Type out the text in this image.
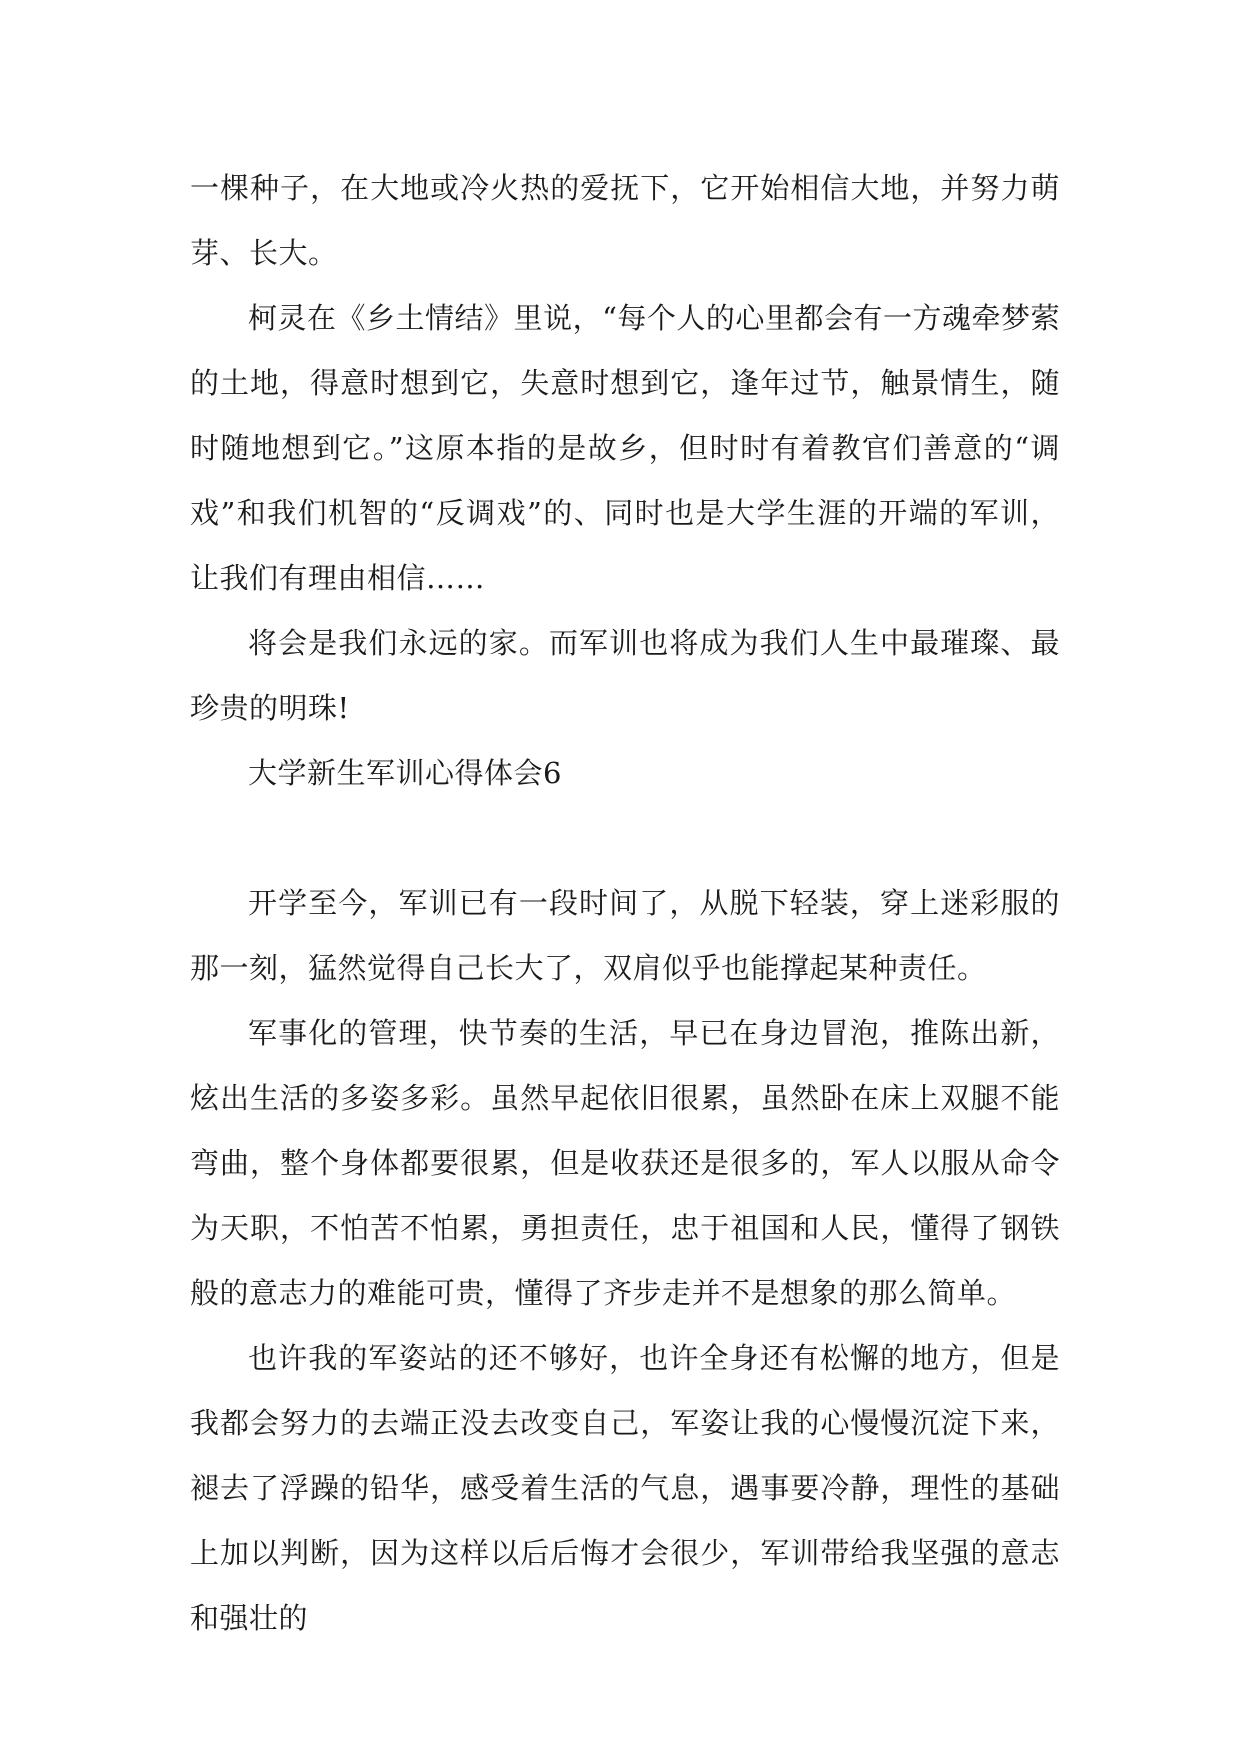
一棵种子，在大地或冷火热的爱抚下，它开始相信大地，并努力萌芽、长大。

柯灵在《乡土情结》里说，“每个人的心里都会有一方魂牵梦萦的土地，得意时想到它，失意时想到它，逢年过节，触景情生，随时随地想到它。”这原本指的是故乡，但时时有着教官们善意的“调戏”和我们机智的“反调戏”的、同时也是大学生涯的开端的军训，让我们有理由相信……

将会是我们永远的家。而军训也将成为我们人生中最璀璨、最珍贵的明珠!

大学新生军训心得体会6

开学至今，军训已有一段时间了，从脱下轻装，穿上迷彩服的那一刻，猛然觉得自己长大了，双肩似乎也能撑起某种责任。

军事化的管理，快节奏的生活，早已在身边冒泡，推陈出新，炫出生活的多姿多彩。虽然早起依旧很累，虽然卧在床上双腿不能弯曲，整个身体都要很累，但是收获还是很多的，军人以服从命令为天职，不怕苦不怕累，勇担责任，忠于祖国和人民，懂得了钢铁般的意志力的难能可贵，懂得了齐步走并不是想象的那么简单。

也许我的军姿站的还不够好，也许全身还有松懈的地方，但是我都会努力的去端正没去改变自己，军姿让我的心慢慢沉淀下来，褪去了浮躁的铅华，感受着生活的气息，遇事要冷静，理性的基础上加以判断，因为这样以后后悔才会很少，军训带给我坚强的意志和强壮的
